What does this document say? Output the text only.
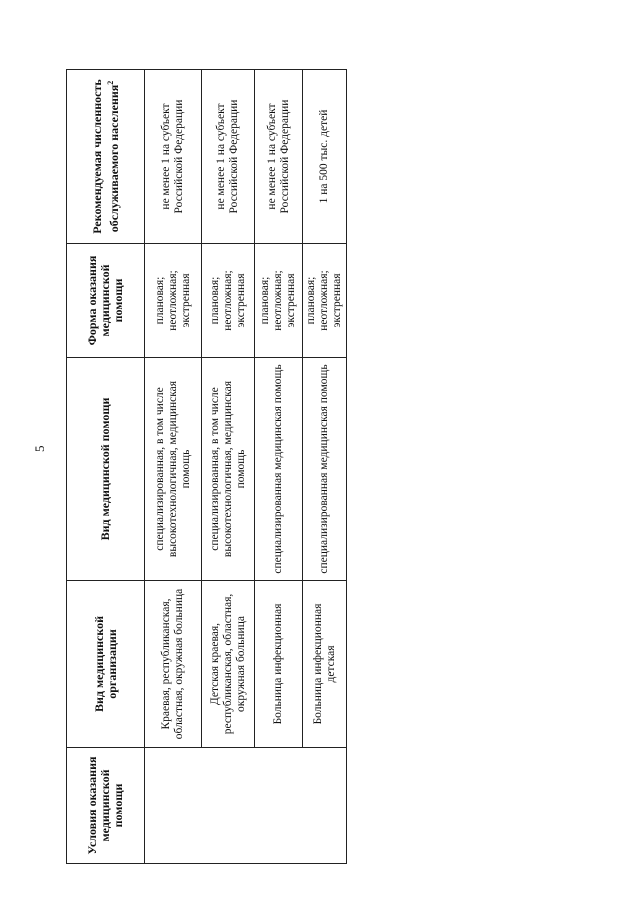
5
Условия оказания медицинской помощи	Вид медицинской организации	Вид медицинской помощи	Форма оказания медицинской помощи	Рекомендуемая численность обслуживаемого населения$^2$
	Краевая, республиканская, областная, окружная больница	специализированная, в том числе высокотехнологичная, медицинская помощь	плановая; неотложная; экстренная	не менее 1 на субъект Российской Федерации
	Детская краевая, республиканская, областная, окружная больница	специализированная, в том числе высокотехнологичная, медицинская помощь	плановая; неотложная; экстренная	не менее 1 на субъект Российской Федерации
	Больница инфекционная	специализированная медицинская помощь	плановая; неотложная; экстренная	не менее 1 на субъект Российской Федерации
	Больница инфекционная детская	специализированная медицинская помощь	плановая; неотложная; экстренная	1 на 500 тыс. детей
